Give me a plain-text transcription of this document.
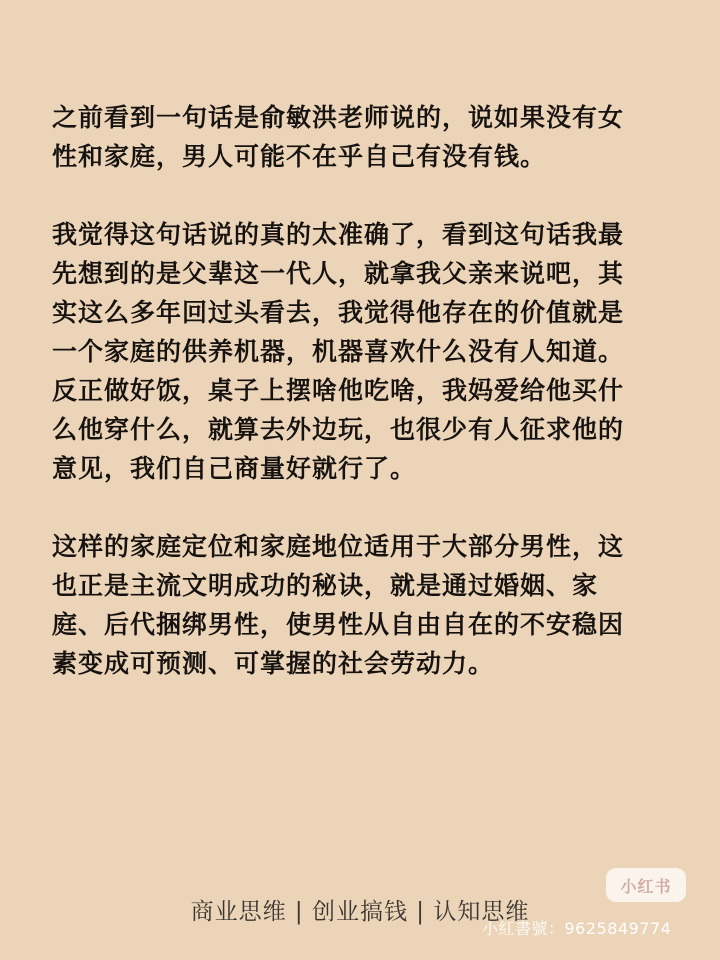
之前看到一句话是俞敏洪老师说的，说如果没有女
性和家庭，男人可能不在乎自己有没有钱。

我觉得这句话说的真的太准确了，看到这句话我最
先想到的是父辈这一代人，就拿我父亲来说吧，其
实这么多年回过头看去，我觉得他存在的价值就是
一个家庭的供养机器，机器喜欢什么没有人知道。
反正做好饭，桌子上摆啥他吃啥，我妈爱给他买什
么他穿什么，就算去外边玩，也很少有人征求他的
意见，我们自己商量好就行了。

这样的家庭定位和家庭地位适用于大部分男性，这
也正是主流文明成功的秘诀，就是通过婚姻、家
庭、后代捆绑男性，使男性从自由自在的不安稳因
素变成可预测、可掌握的社会劳动力。

商业思维 | 创业搞钱 | 认知思维
小红书
小紅書號：9625849774
